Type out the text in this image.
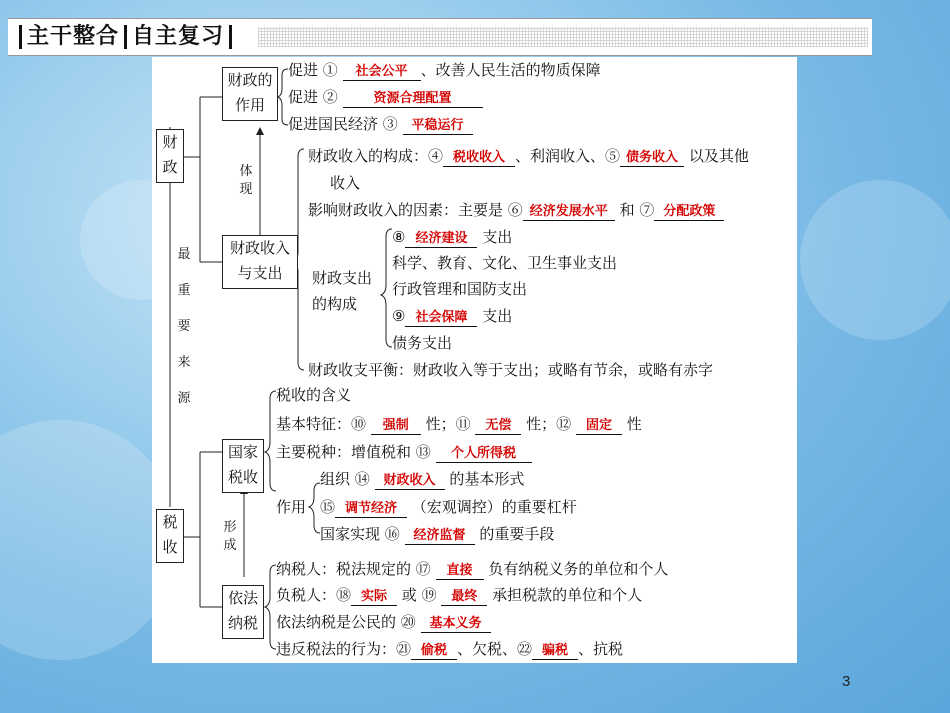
主干整合 自主复习
财政
财政的作用
财政收入与支出
体现
促进 ① 社会公平 、改善人民生活的物质保障
促进 ②	资源合理配置
促进国民经济 ③ 平稳运行
财政收入的构成：④ 税收收入 、利润收入、⑤ 债务收入 以及其他
收入
影响财政收入的因素：主要是 ⑥ 经济发展水平 和 ⑦ 分配政策
财政支出的构成
⑧ 经济建设 支出
科学、教育、文化、卫生事业支出
行政管理和国防支出
⑨ 社会保障 支出
债务支出
财政收支平衡：财政收入等于支出；或略有节余，或略有赤字
最重要来源
税收
国家税收
依法纳税
形成
税收的含义
基本特征：⑩ 强制 性；⑪ 无偿 性；⑫ 固定 性
主要税种：增值税和 ⑬ 个人所得税
作用
组织 ⑭ 财政收入 的基本形式
⑮ 调节经济 （宏观调控）的重要杠杆
国家实现 ⑯ 经济监督 的重要手段
纳税人：税法规定的 ⑰ 直接 负有纳税义务的单位和个人
负税人：⑱ 实际 或 ⑲ 最终 承担税款的单位和个人
依法纳税是公民的 ⑳ 基本义务
违反税法的行为：㉑ 偷税 、欠税、㉒ 骗税 、抗税
3
